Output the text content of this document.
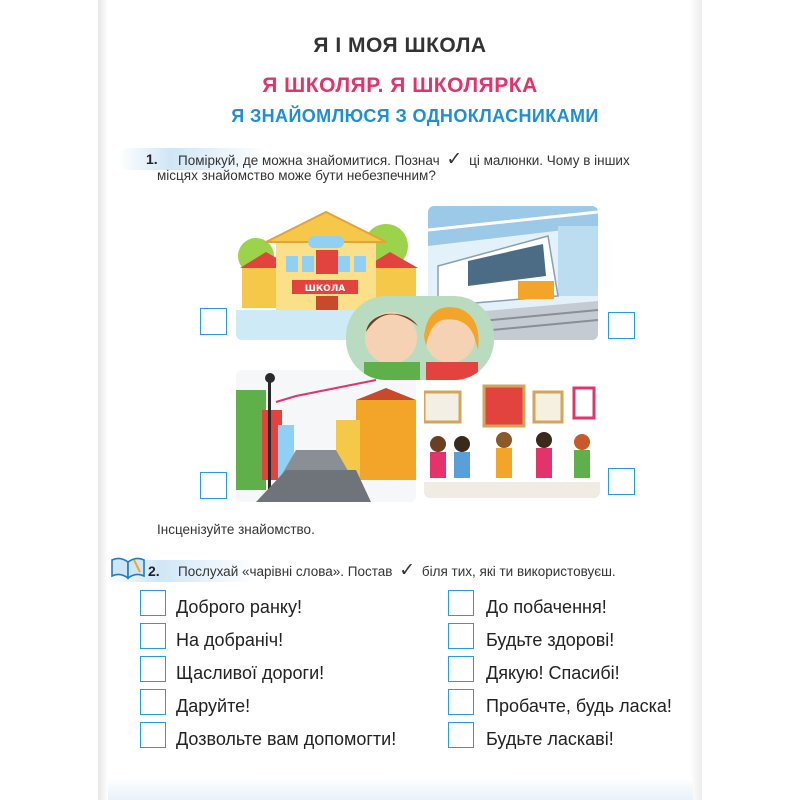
Я І МОЯ ШКОЛА
Я ШКОЛЯР. Я ШКОЛЯРКА
Я ЗНАЙОМЛЮСЯ З ОДНОКЛАСНИКАМИ
1. Поміркуй, де можна знайомитися. Познач ✓ ці малюнки. Чому в інших
місцях знайомство може бути небезпечним?
ШКОЛА
Інсценізуйте знайомство.
2. Послухай «чарівні слова». Постав ✓ біля тих, які ти використовуєш.
Доброго ранку!
На добраніч!
Щасливої дороги!
Даруйте!
Дозвольте вам допомогти!
До побачення!
Будьте здорові!
Дякую! Спасибі!
Пробачте, будь ласка!
Будьте ласкаві!
